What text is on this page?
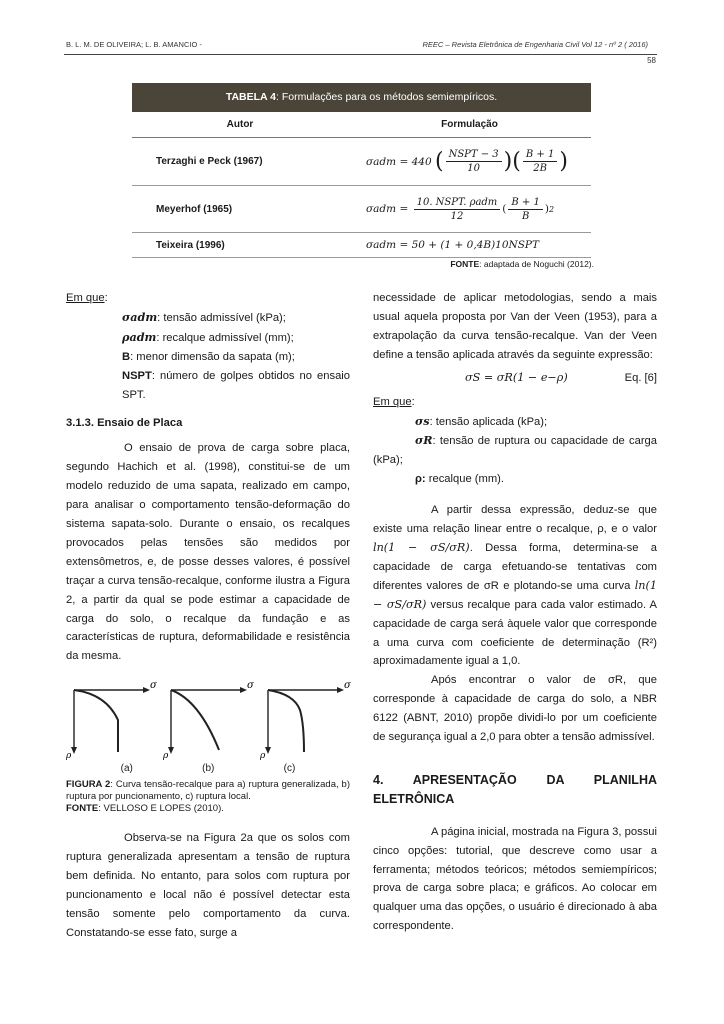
B. L. M. DE OLIVEIRA; L. B. AMANCIO -	REEC – Revista Eletrônica de Engenharia Civil Vol 12 - nº 2 ( 2016)
58
TABELA 4: Formulações para os métodos semiempíricos.
Autor	Formulação
Terzaghi e Peck (1967)	σadm = 440
( $\frac{\text{NSPT − 3}}{10}$ ) ( $\frac{B + 1}{2B}$ )
Meyerhof (1965)	σadm =
$\frac{\text{10. NSPT. ρadm}}{12}$ ( $\frac{B + 1}{B}$ ) 2
Teixeira (1996)	σadm = 50 + (1 + 0,4B)10NSPT
FONTE: adaptada de Noguchi (2012).

Em que:

σadm: tensão admissível (kPa);

ρadm: recalque admissível (mm);

B: menor dimensão da sapata (m);

NSPT: número de golpes obtidos no ensaio SPT.

3.1.3. Ensaio de Placa

O ensaio de prova de carga sobre placa, segundo Hachich et al. (1998), constitui-se de um modelo reduzido de uma sapata, realizado em campo, para analisar o comportamento tensão-deformação do sistema sapata-solo. Durante o ensaio, os recalques provocados pelas tensões são medidos por extensômetros, e, de posse desses valores, é possível traçar a curva tensão-recalque, conforme ilustra a Figura 2, a partir da qual se pode estimar a capacidade de carga do solo, o recalque da fundação e as características de ruptura, deformabilidade e resistência da mesma.

σ
ρ
σ
ρ
σ
ρ
(a)	(b)	(c)

FIGURA 2: Curva tensão-recalque para a) ruptura generalizada, b) ruptura por puncionamento, c) ruptura local.

FONTE: VELLOSO E LOPES (2010).

Observa-se na Figura 2a que os solos com ruptura generalizada apresentam a tensão de ruptura bem definida. No entanto, para solos com ruptura por puncionamento e local não é possível detectar esta tensão somente pelo comportamento da curva. Constatando-se esse fato, surge a

necessidade de aplicar metodologias, sendo a mais usual aquela proposta por Van der Veen (1953), para a extrapolação da curva tensão-recalque. Van der Veen define a tensão aplicada através da seguinte expressão:

σS = σR(1 − e−ρ)	Eq. [6]

Em que:

σs: tensão aplicada (kPa);

σR: tensão de ruptura ou capacidade de carga (kPa);

ρ: recalque (mm).

A partir dessa expressão, deduz-se que existe uma relação linear entre o recalque, ρ, e o valor ln(1 − σS/σR). Dessa forma, determina-se a capacidade de carga efetuando-se tentativas com diferentes valores de σR e plotando-se uma curva ln(1 − σS/σR) versus recalque para cada valor estimado. A capacidade de carga será àquele valor que corresponde a uma curva com coeficiente de determinação (R²) aproximadamente igual a 1,0.

Após encontrar o valor de σR, que corresponde à capacidade de carga do solo, a NBR 6122 (ABNT, 2010) propõe dividi-lo por um coeficiente de segurança igual a 2,0 para obter a tensão admissível.

4. APRESENTAÇÃO DA PLANILHA ELETRÔNICA

A página inicial, mostrada na Figura 3, possui cinco opções: tutorial, que descreve como usar a ferramenta; métodos teóricos; métodos semiempíricos; prova de carga sobre placa; e gráficos. Ao colocar em qualquer uma das opções, o usuário é direcionado à aba correspondente.
